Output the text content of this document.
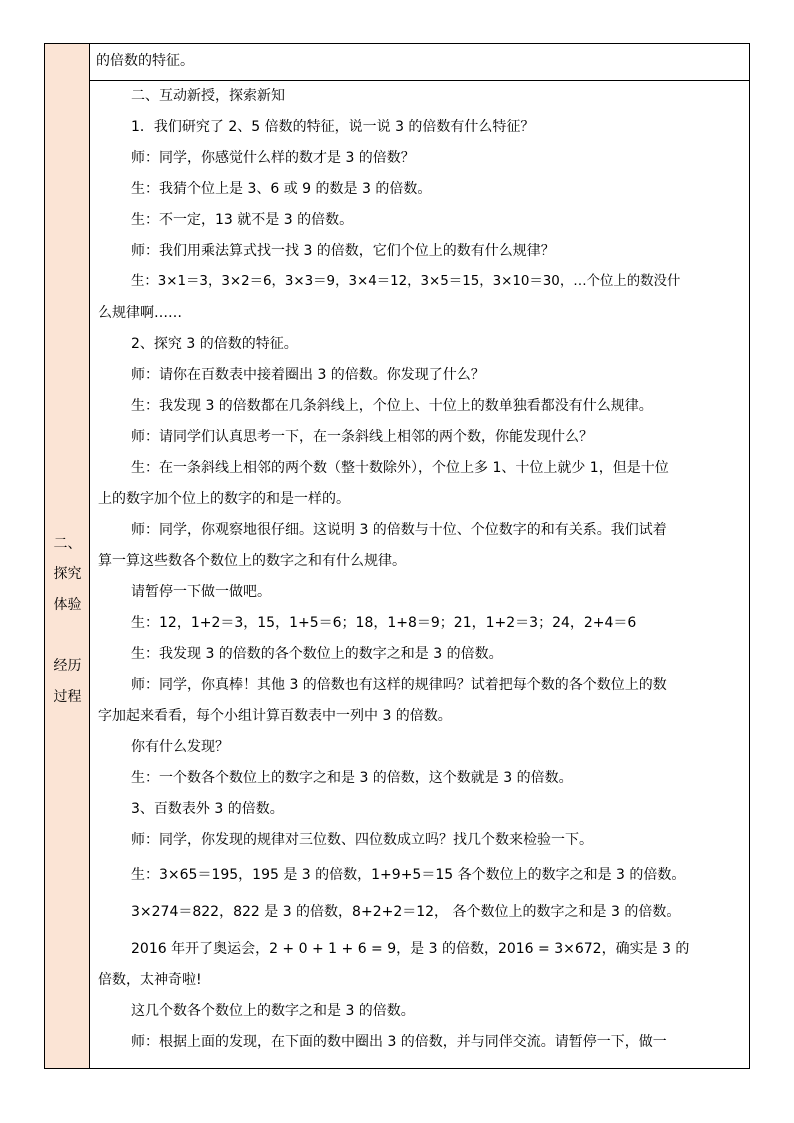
的倍数的特征。
二、
探究
体验
经历
过程
二、互动新授，探索新知
1．我们研究了 2、5 倍数的特征，说一说 3 的倍数有什么特征？
师：同学，你感觉什么样的数才是 3 的倍数？
生：我猜个位上是 3、6 或 9 的数是 3 的倍数。
生：不一定，13 就不是 3 的倍数。
师：我们用乘法算式找一找 3 的倍数，它们个位上的数有什么规律？
生：3×1＝3，3×2＝6，3×3＝9，3×4＝12，3×5＝15，3×10＝30，…个位上的数没什
么规律啊……
2、探究 3 的倍数的特征。
师：请你在百数表中接着圈出 3 的倍数。你发现了什么？
生：我发现 3 的倍数都在几条斜线上，个位上、十位上的数单独看都没有什么规律。
师：请同学们认真思考一下，在一条斜线上相邻的两个数，你能发现什么？
生：在一条斜线上相邻的两个数（整十数除外），个位上多 1、十位上就少 1，但是十位
上的数字加个位上的数字的和是一样的。
师：同学，你观察地很仔细。这说明 3 的倍数与十位、个位数字的和有关系。我们试着
算一算这些数各个数位上的数字之和有什么规律。
请暂停一下做一做吧。
生：12，1+2＝3，15，1+5＝6；18，1+8＝9；21，1+2＝3；24，2+4＝6
生：我发现 3 的倍数的各个数位上的数字之和是 3 的倍数。
师：同学，你真棒！其他 3 的倍数也有这样的规律吗？试着把每个数的各个数位上的数
字加起来看看，每个小组计算百数表中一列中 3 的倍数。
你有什么发现？
生：一个数各个数位上的数字之和是 3 的倍数，这个数就是 3 的倍数。
3、百数表外 3 的倍数。
师：同学，你发现的规律对三位数、四位数成立吗？找几个数来检验一下。
生：3×65＝195，195 是 3 的倍数，1+9+5＝15 各个数位上的数字之和是 3 的倍数。
3×274＝822，822 是 3 的倍数，8+2+2＝12， 各个数位上的数字之和是 3 的倍数。
2016 年开了奥运会，2 + 0 + 1 + 6 = 9，是 3 的倍数，2016 = 3×672，确实是 3 的
倍数，太神奇啦!
这几个数各个数位上的数字之和是 3 的倍数。
师：根据上面的发现，在下面的数中圈出 3 的倍数，并与同伴交流。请暂停一下，做一
